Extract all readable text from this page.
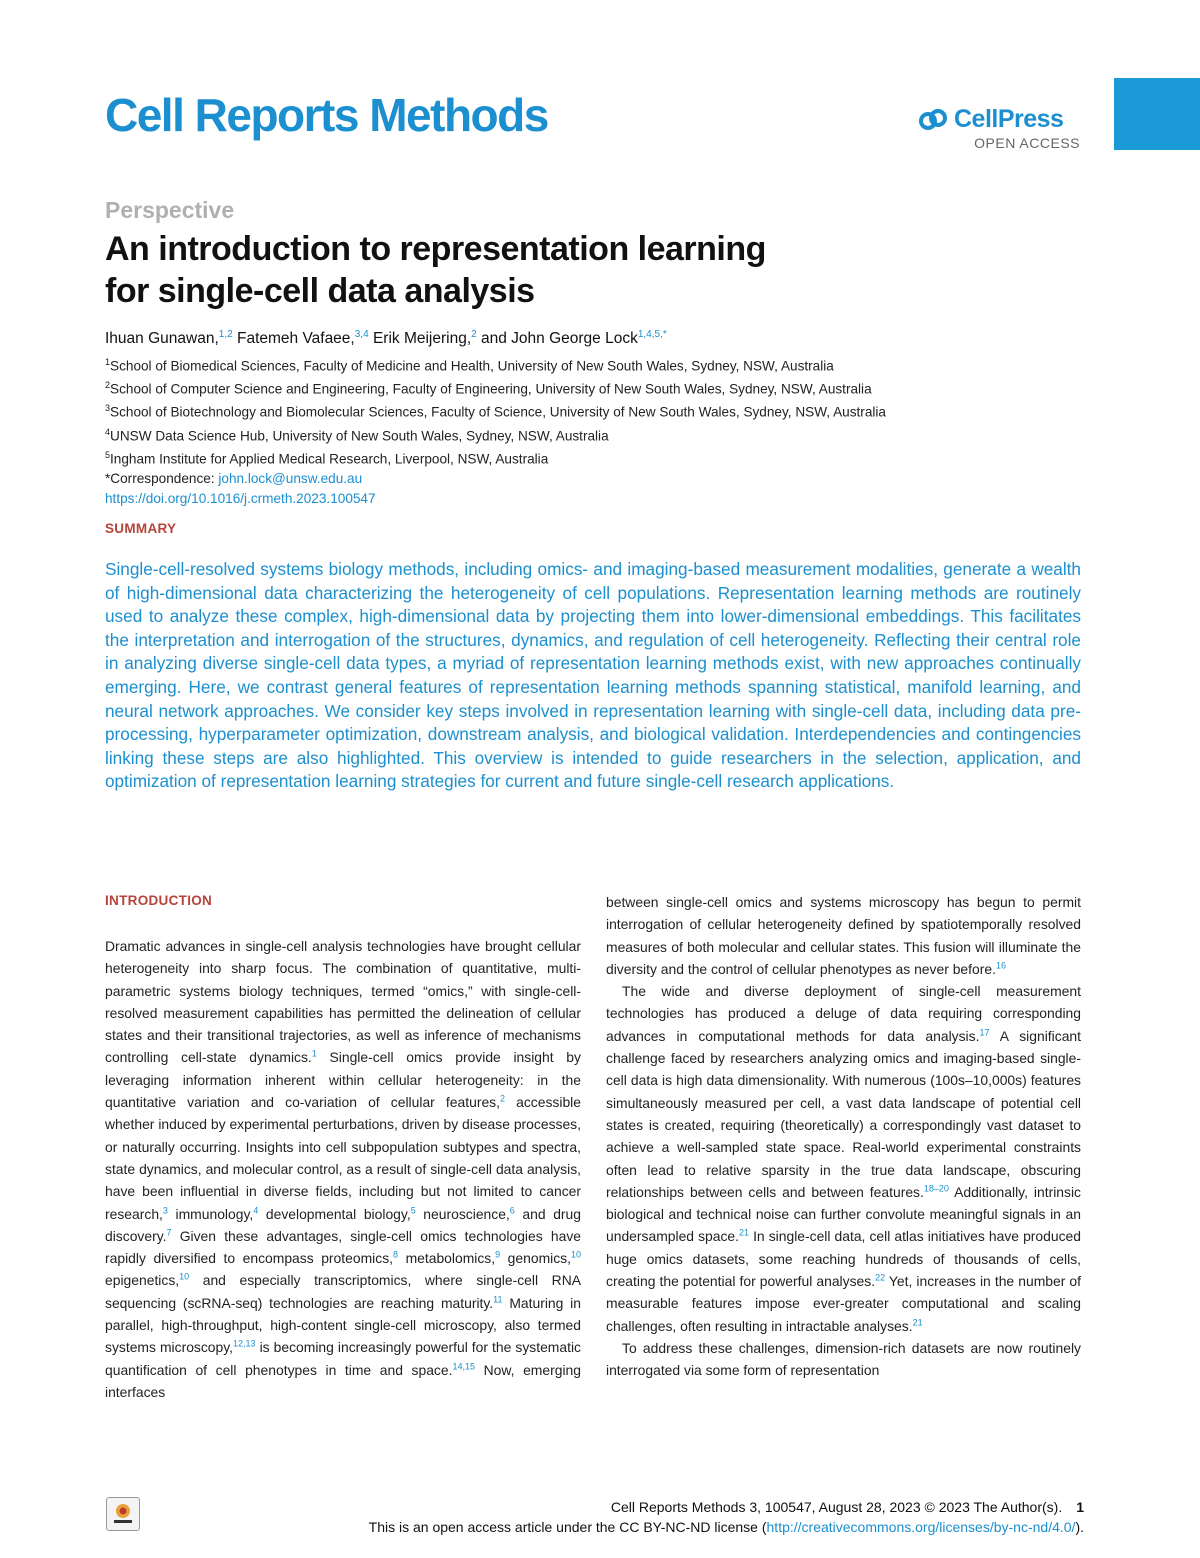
Cell Reports Methods	CellPress
OPEN ACCESS
Perspective
An introduction to representation learning
for single-cell data analysis

Ihuan Gunawan,$^{1,2}$ Fatemeh Vafaee,$^{3,4}$ Erik Meijering,$^2$ and John George Lock$^{1,4,5,*}$

$^1$School of Biomedical Sciences, Faculty of Medicine and Health, University of New South Wales, Sydney, NSW, Australia
$^2$School of Computer Science and Engineering, Faculty of Engineering, University of New South Wales, Sydney, NSW, Australia
$^3$School of Biotechnology and Biomolecular Sciences, Faculty of Science, University of New South Wales, Sydney, NSW, Australia
$^4$UNSW Data Science Hub, University of New South Wales, Sydney, NSW, Australia
$^5$Ingham Institute for Applied Medical Research, Liverpool, NSW, Australia
*Correspondence: john.lock@unsw.edu.au
https://doi.org/10.1016/j.crmeth.2023.100547
SUMMARY

Single-cell-resolved systems biology methods, including omics- and imaging-based measurement modalities, generate a wealth of high-dimensional data characterizing the heterogeneity of cell populations. Representation learning methods are routinely used to analyze these complex, high-dimensional data by projecting them into lower-dimensional embeddings. This facilitates the interpretation and interrogation of the structures, dynamics, and regulation of cell heterogeneity. Reflecting their central role in analyzing diverse single-cell data types, a myriad of representation learning methods exist, with new approaches continually emerging. Here, we contrast general features of representation learning methods spanning statistical, manifold learning, and neural network approaches. We consider key steps involved in representation learning with single-cell data, including data pre-processing, hyperparameter optimization, downstream analysis, and biological validation. Interdependencies and contingencies linking these steps are also highlighted. This overview is intended to guide researchers in the selection, application, and optimization of representation learning strategies for current and future single-cell research applications.

INTRODUCTION

Dramatic advances in single-cell analysis technologies have brought cellular heterogeneity into sharp focus. The combination of quantitative, multi-parametric systems biology techniques, termed “omics,” with single-cell-resolved measurement capabilities has permitted the delineation of cellular states and their transitional trajectories, as well as inference of mechanisms controlling cell-state dynamics.$^1$ Single-cell omics provide insight by leveraging information inherent within cellular heterogeneity: in the quantitative variation and co-variation of cellular features,$^2$ accessible whether induced by experimental perturbations, driven by disease processes, or naturally occurring. Insights into cell subpopulation subtypes and spectra, state dynamics, and molecular control, as a result of single-cell data analysis, have been influential in diverse fields, including but not limited to cancer research,$^3$ immunology,$^4$ developmental biology,$^5$ neuroscience,$^6$ and drug discovery.$^7$ Given these advantages, single-cell omics technologies have rapidly diversified to encompass proteomics,$^8$ metabolomics,$^9$ genomics,$^{10}$ epigenetics,$^{10}$ and especially transcriptomics, where single-cell RNA sequencing (scRNA-seq) technologies are reaching maturity.$^{11}$ Maturing in parallel, high-throughput, high-content single-cell microscopy, also termed systems microscopy,$^{12,13}$ is becoming increasingly powerful for the systematic quantification of cell phenotypes in time and space.$^{14,15}$ Now, emerging interfaces

between single-cell omics and systems microscopy has begun to permit interrogation of cellular heterogeneity defined by spatiotemporally resolved measures of both molecular and cellular states. This fusion will illuminate the diversity and the control of cellular phenotypes as never before.$^{16}$

The wide and diverse deployment of single-cell measurement technologies has produced a deluge of data requiring corresponding advances in computational methods for data analysis.$^{17}$ A significant challenge faced by researchers analyzing omics and imaging-based single-cell data is high data dimensionality. With numerous (100s–10,000s) features simultaneously measured per cell, a vast data landscape of potential cell states is created, requiring (theoretically) a correspondingly vast dataset to achieve a well-sampled state space. Real-world experimental constraints often lead to relative sparsity in the true data landscape, obscuring relationships between cells and between features.$^{18-20}$ Additionally, intrinsic biological and technical noise can further convolute meaningful signals in an undersampled space.$^{21}$ In single-cell data, cell atlas initiatives have produced huge omics datasets, some reaching hundreds of thousands of cells, creating the potential for powerful analyses.$^{22}$ Yet, increases in the number of measurable features impose ever-greater computational and scaling challenges, often resulting in intractable analyses.$^{21}$

To address these challenges, dimension-rich datasets are now routinely interrogated via some form of representation

Cell Reports Methods 3, 100547, August 28, 2023 © 2023 The Author(s). 1
This is an open access article under the CC BY-NC-ND license (http://creativecommons.org/licenses/by-nc-nd/4.0/).
